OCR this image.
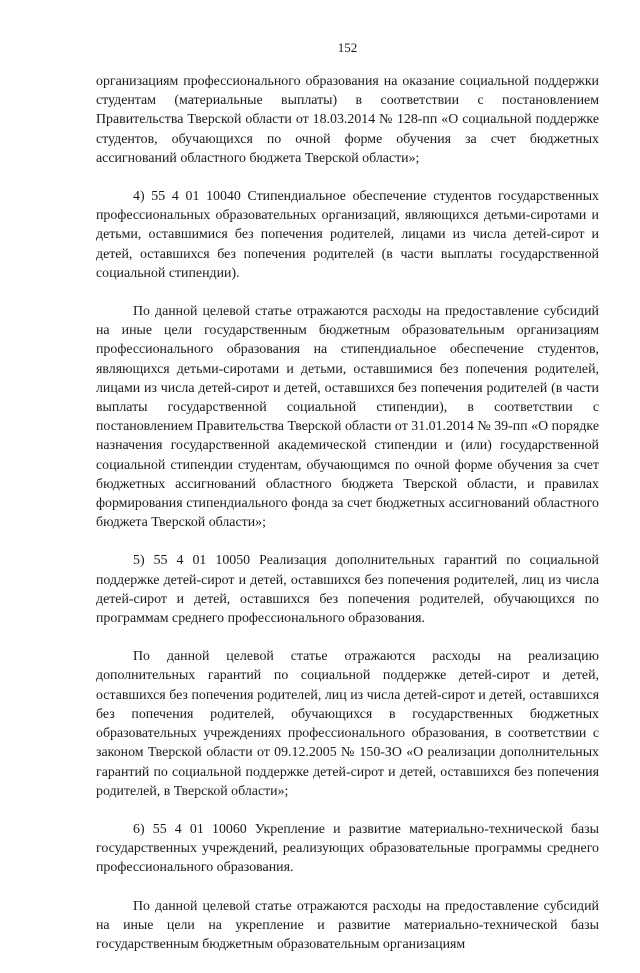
152

организациям профессионального образования на оказание социальной поддержки студентам (материальные выплаты) в соответствии с постановлением Правительства Тверской области от 18.03.2014 № 128-пп «О социальной поддержке студентов, обучающихся по очной форме обучения за счет бюджетных ассигнований областного бюджета Тверской области»;

4) 55 4 01 10040 Стипендиальное обеспечение студентов государственных профессиональных образовательных организаций, являющихся детьми-сиротами и детьми, оставшимися без попечения родителей, лицами из числа детей-сирот и детей, оставшихся без попечения родителей (в части выплаты государственной социальной стипендии).

По данной целевой статье отражаются расходы на предоставление субсидий на иные цели государственным бюджетным образовательным организациям профессионального образования на стипендиальное обеспечение студентов, являющихся детьми-сиротами и детьми, оставшимися без попечения родителей, лицами из числа детей-сирот и детей, оставшихся без попечения родителей (в части выплаты государственной социальной стипендии), в соответствии с постановлением Правительства Тверской области от 31.01.2014 № 39-пп «О порядке назначения государственной академической стипендии и (или) государственной социальной стипендии студентам, обучающимся по очной форме обучения за счет бюджетных ассигнований областного бюджета Тверской области, и правилах формирования стипендиального фонда за счет бюджетных ассигнований областного бюджета Тверской области»;

5) 55 4 01 10050 Реализация дополнительных гарантий по социальной поддержке детей-сирот и детей, оставшихся без попечения родителей, лиц из числа детей-сирот и детей, оставшихся без попечения родителей, обучающихся по программам среднего профессионального образования.

По данной целевой статье отражаются расходы на реализацию дополнительных гарантий по социальной поддержке детей-сирот и детей, оставшихся без попечения родителей, лиц из числа детей-сирот и детей, оставшихся без попечения родителей, обучающихся в государственных бюджетных образовательных учреждениях профессионального образования, в соответствии с законом Тверской области от 09.12.2005 № 150-ЗО «О реализации дополнительных гарантий по социальной поддержке детей-сирот и детей, оставшихся без попечения родителей, в Тверской области»;

6) 55 4 01 10060 Укрепление и развитие материально-технической базы государственных учреждений, реализующих образовательные программы среднего профессионального образования.

По данной целевой статье отражаются расходы на предоставление субсидий на иные цели на укрепление и развитие материально-технической базы государственным бюджетным образовательным организациям
